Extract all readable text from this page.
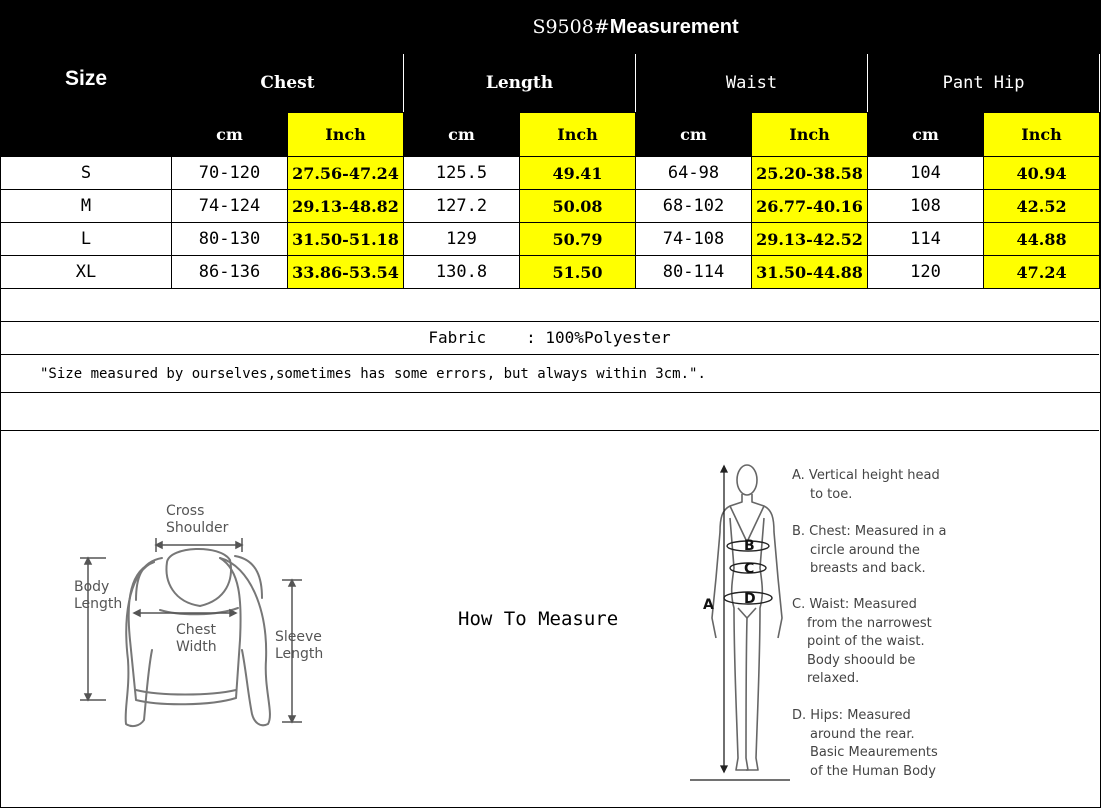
Size	S9508#Measurement							
	Chest		Length		Waist		Pant Hip	
	cm	Inch	cm	Inch	cm	Inch	cm	Inch
S	70-120	27.56-47.24	125.5	49.41	64-98	25.20-38.58	104	40.94
M	74-124	29.13-48.82	127.2	50.08	68-102	26.77-40.16	108	42.52
L	80-130	31.50-51.18	129	50.79	74-108	29.13-42.52	114	44.88
XL	86-136	33.86-53.54	130.8	51.50	80-114	31.50-44.88	120	47.24
Fabric	: 100%Polyester
"Size measured by ourselves,sometimes has some errors, but always within 3cm.".
Cross
Shoulder
Body
Length
Chest
Width
Sleeve
Length
How To Measure
A
B
C
D
A. Vertical height head
to toe.
B. Chest: Measured in a
circle around the
breasts and back.
C. Waist: Measured
from the narrowest
point of the waist.
Body shoould be
relaxed.
D. Hips: Measured
around the rear.
Basic Meaurements
of the Human Body
